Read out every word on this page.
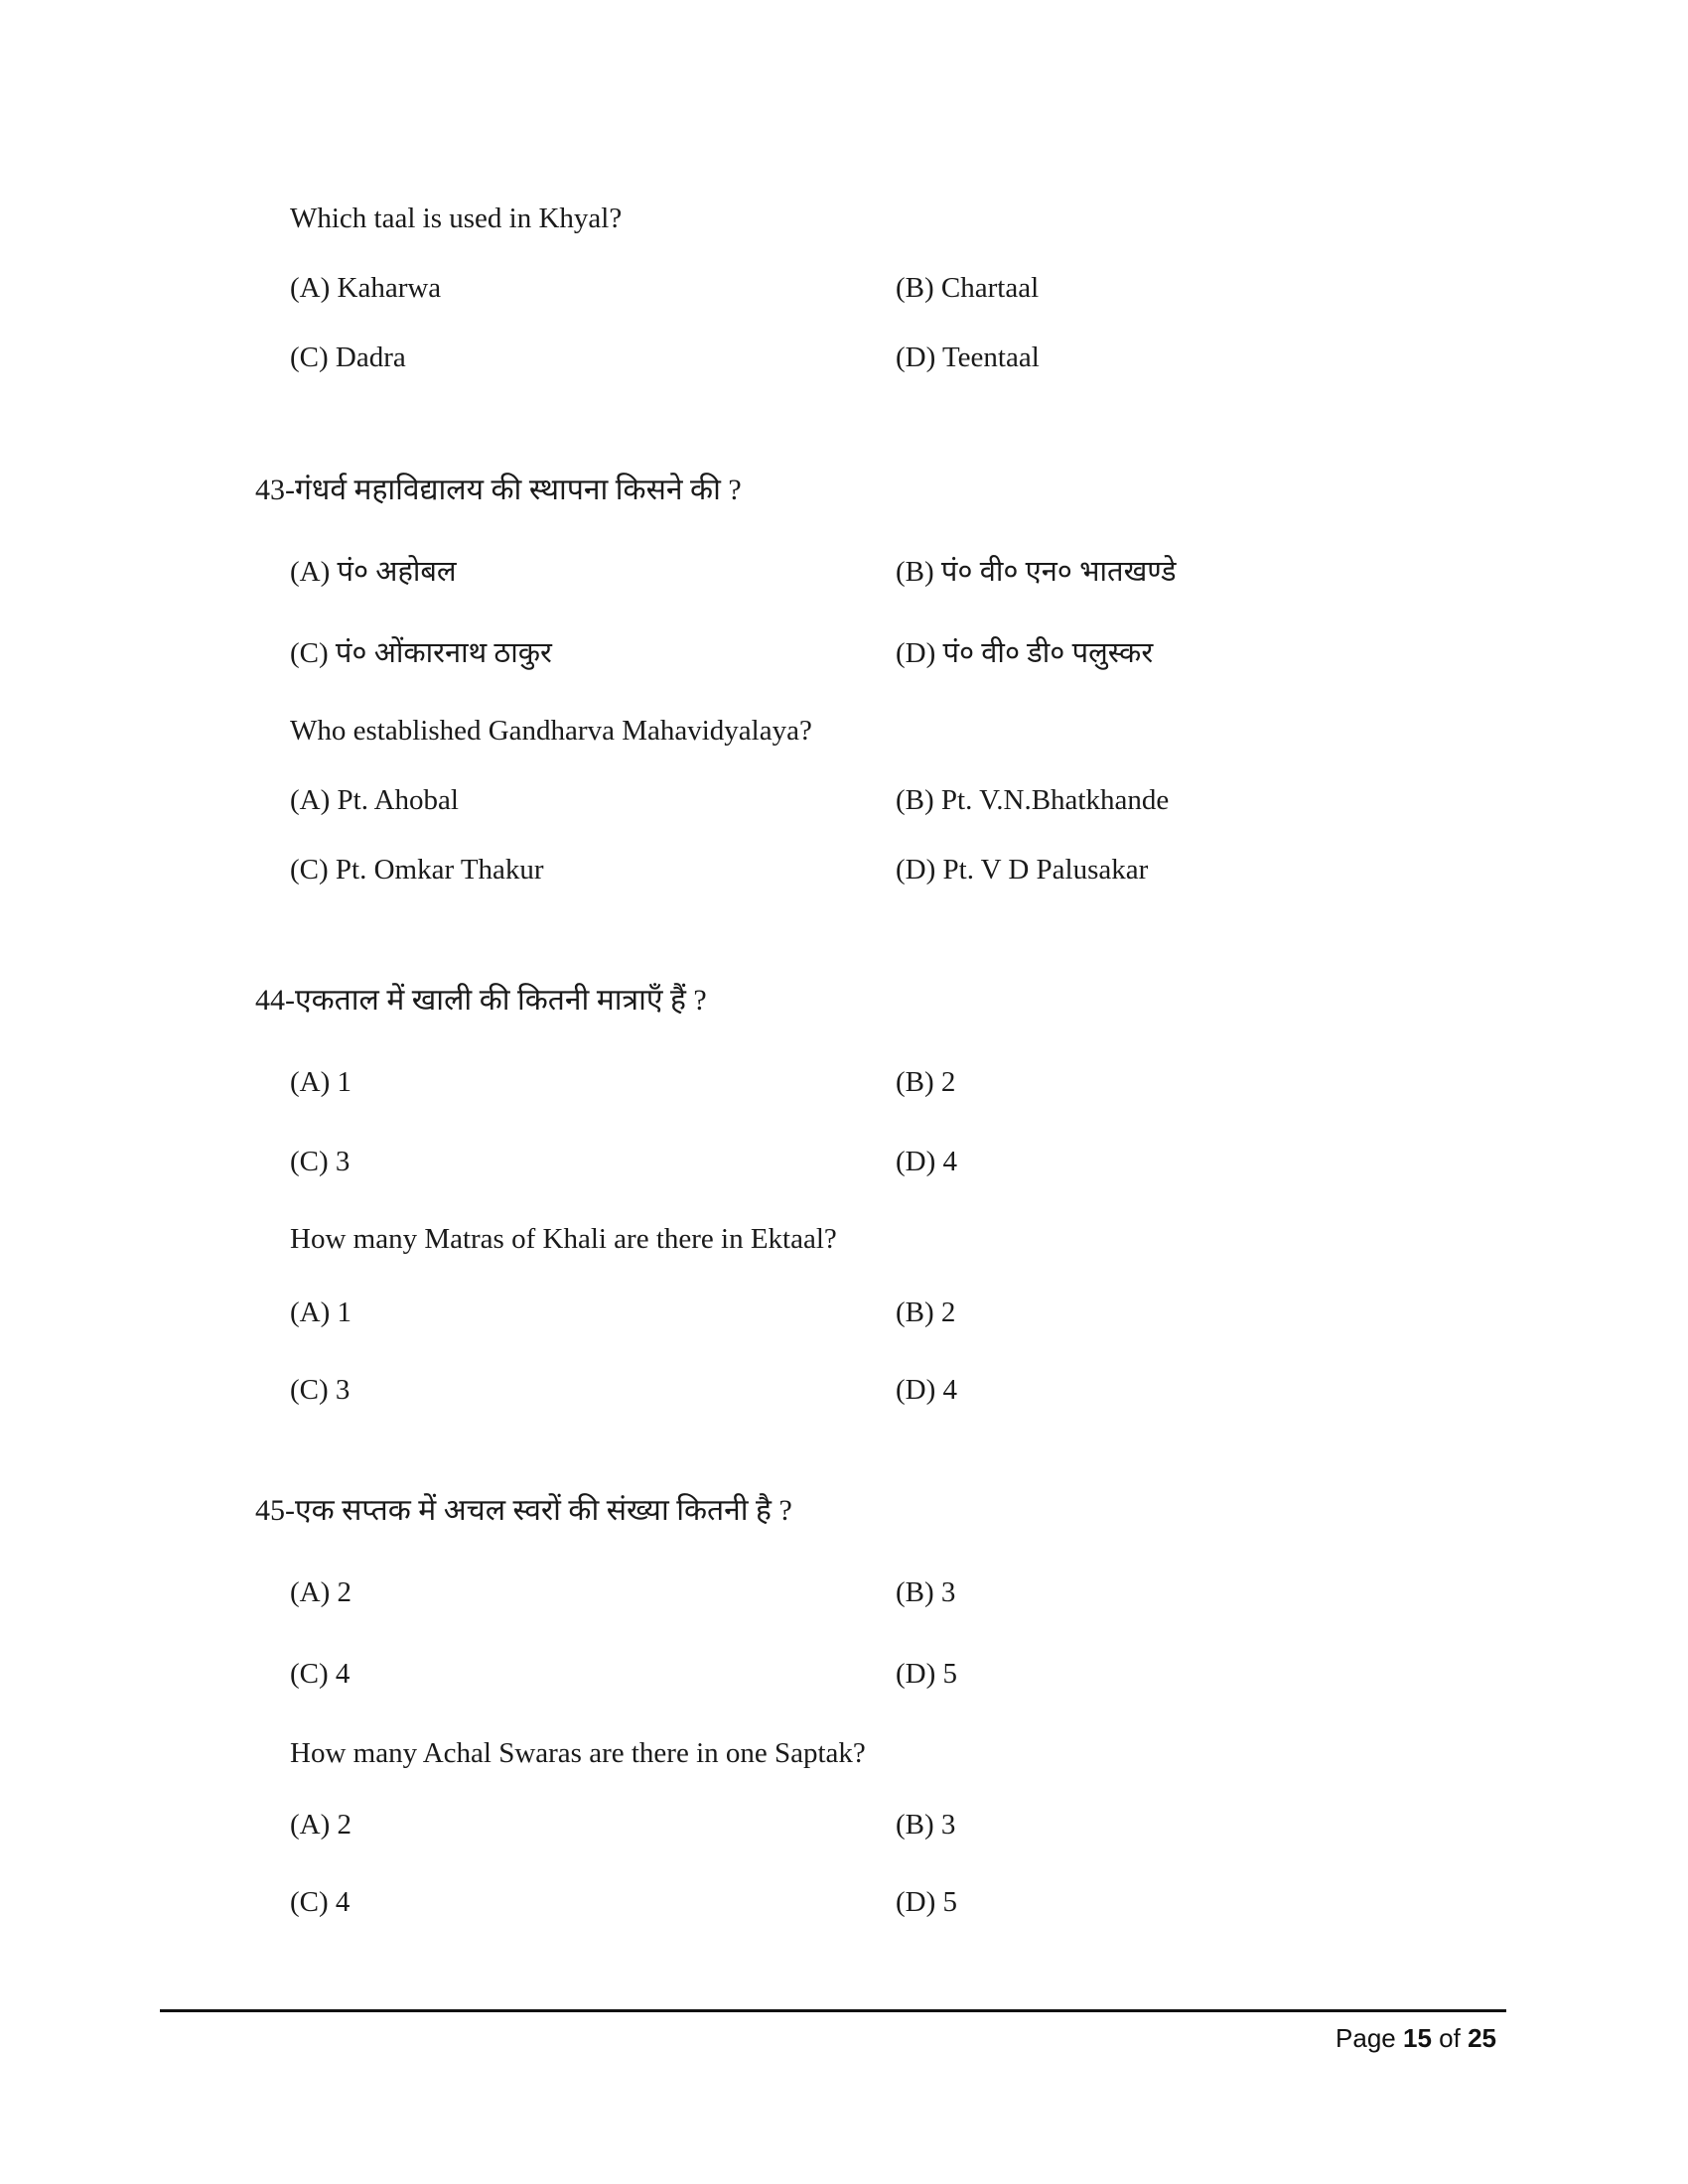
Which taal is used in Khyal?
(A) Kaharwa	(B) Chartaal
(C) Dadra	(D) Teentaal
43-गंधर्व महाविद्यालय की स्थापना किसने की ?
(A) पं० अहोबल	(B) पं० वी० एन० भातखण्डे
(C) पं० ओंकारनाथ ठाकुर	(D) पं० वी० डी० पलुस्कर
Who established Gandharva Mahavidyalaya?
(A) Pt. Ahobal	(B) Pt. V.N.Bhatkhande
(C) Pt. Omkar Thakur	(D) Pt. V D Palusakar
44-एकताल में खाली की कितनी मात्राएँ हैं ?
(A) 1	(B) 2
(C) 3	(D) 4
How many Matras of Khali are there in Ektaal?
(A) 1	(B) 2
(C) 3	(D) 4
45-एक सप्तक में अचल स्वरों की संख्या कितनी है ?
(A) 2	(B) 3
(C) 4	(D) 5
How many Achal Swaras are there in one Saptak?
(A) 2	(B) 3
(C) 4	(D) 5
Page 15 of 25
